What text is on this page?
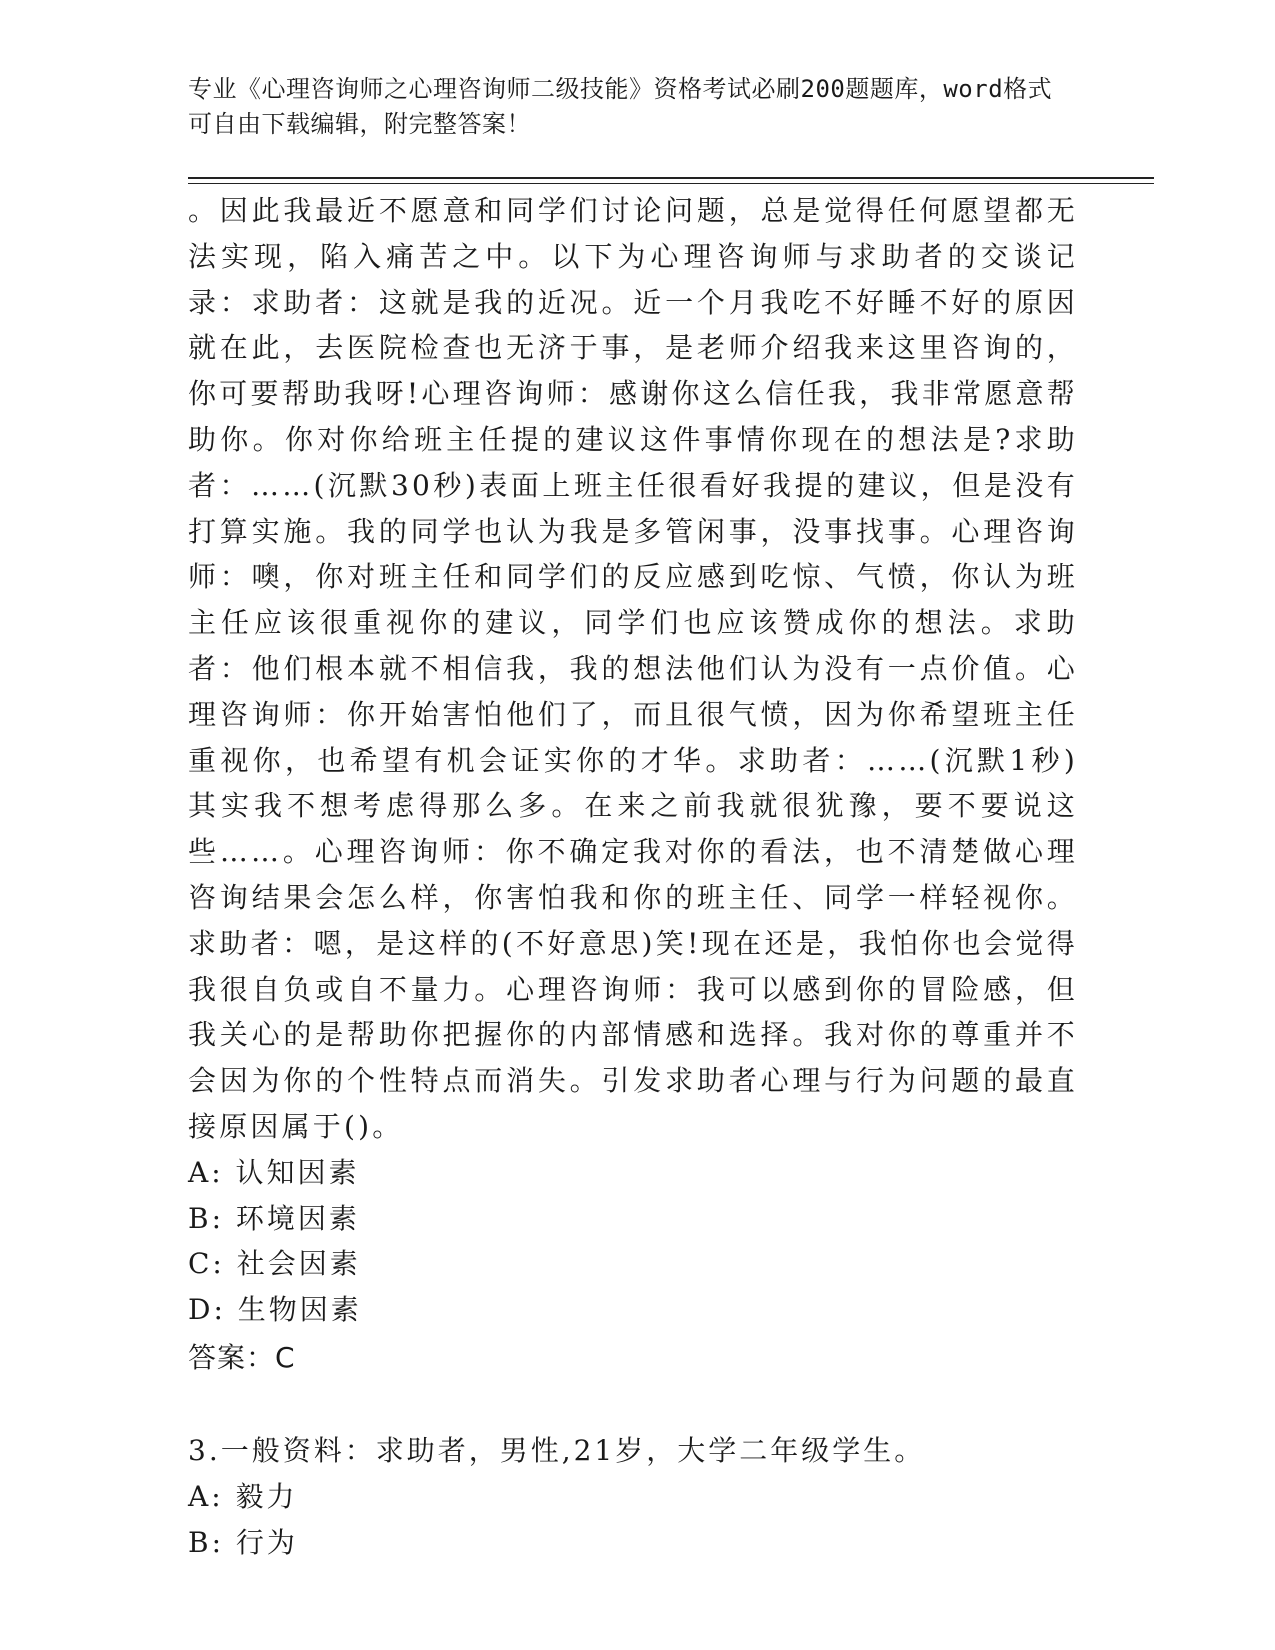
专业《心理咨询师之心理咨询师二级技能》资格考试必刷200题题库，word格式
可自由下载编辑，附完整答案！

。因此我最近不愿意和同学们讨论问题，总是觉得任何愿望都无法实现，陷入痛苦之中。以下为心理咨询师与求助者的交谈记录：求助者：这就是我的近况。近一个月我吃不好睡不好的原因就在此，去医院检查也无济于事，是老师介绍我来这里咨询的，你可要帮助我呀!心理咨询师：感谢你这么信任我，我非常愿意帮助你。你对你给班主任提的建议这件事情你现在的想法是?求助者：……(沉默30秒)表面上班主任很看好我提的建议，但是没有打算实施。我的同学也认为我是多管闲事，没事找事。心理咨询师：噢，你对班主任和同学们的反应感到吃惊、气愤，你认为班主任应该很重视你的建议，同学们也应该赞成你的想法。求助者：他们根本就不相信我，我的想法他们认为没有一点价值。心理咨询师：你开始害怕他们了，而且很气愤，因为你希望班主任重视你，也希望有机会证实你的才华。求助者：……(沉默1秒)其实我不想考虑得那么多。在来之前我就很犹豫，要不要说这些……。心理咨询师：你不确定我对你的看法，也不清楚做心理咨询结果会怎么样，你害怕我和你的班主任、同学一样轻视你。求助者：嗯，是这样的(不好意思)笑!现在还是，我怕你也会觉得我很自负或自不量力。心理咨询师：我可以感到你的冒险感，但我关心的是帮助你把握你的内部情感和选择。我对你的尊重并不会因为你的个性特点而消失。引发求助者心理与行为问题的最直接原因属于()。

A: 认知因素

B: 环境因素

C: 社会因素

D: 生物因素

答案：C

3.一般资料：求助者，男性,21岁，大学二年级学生。

A: 毅力

B: 行为
